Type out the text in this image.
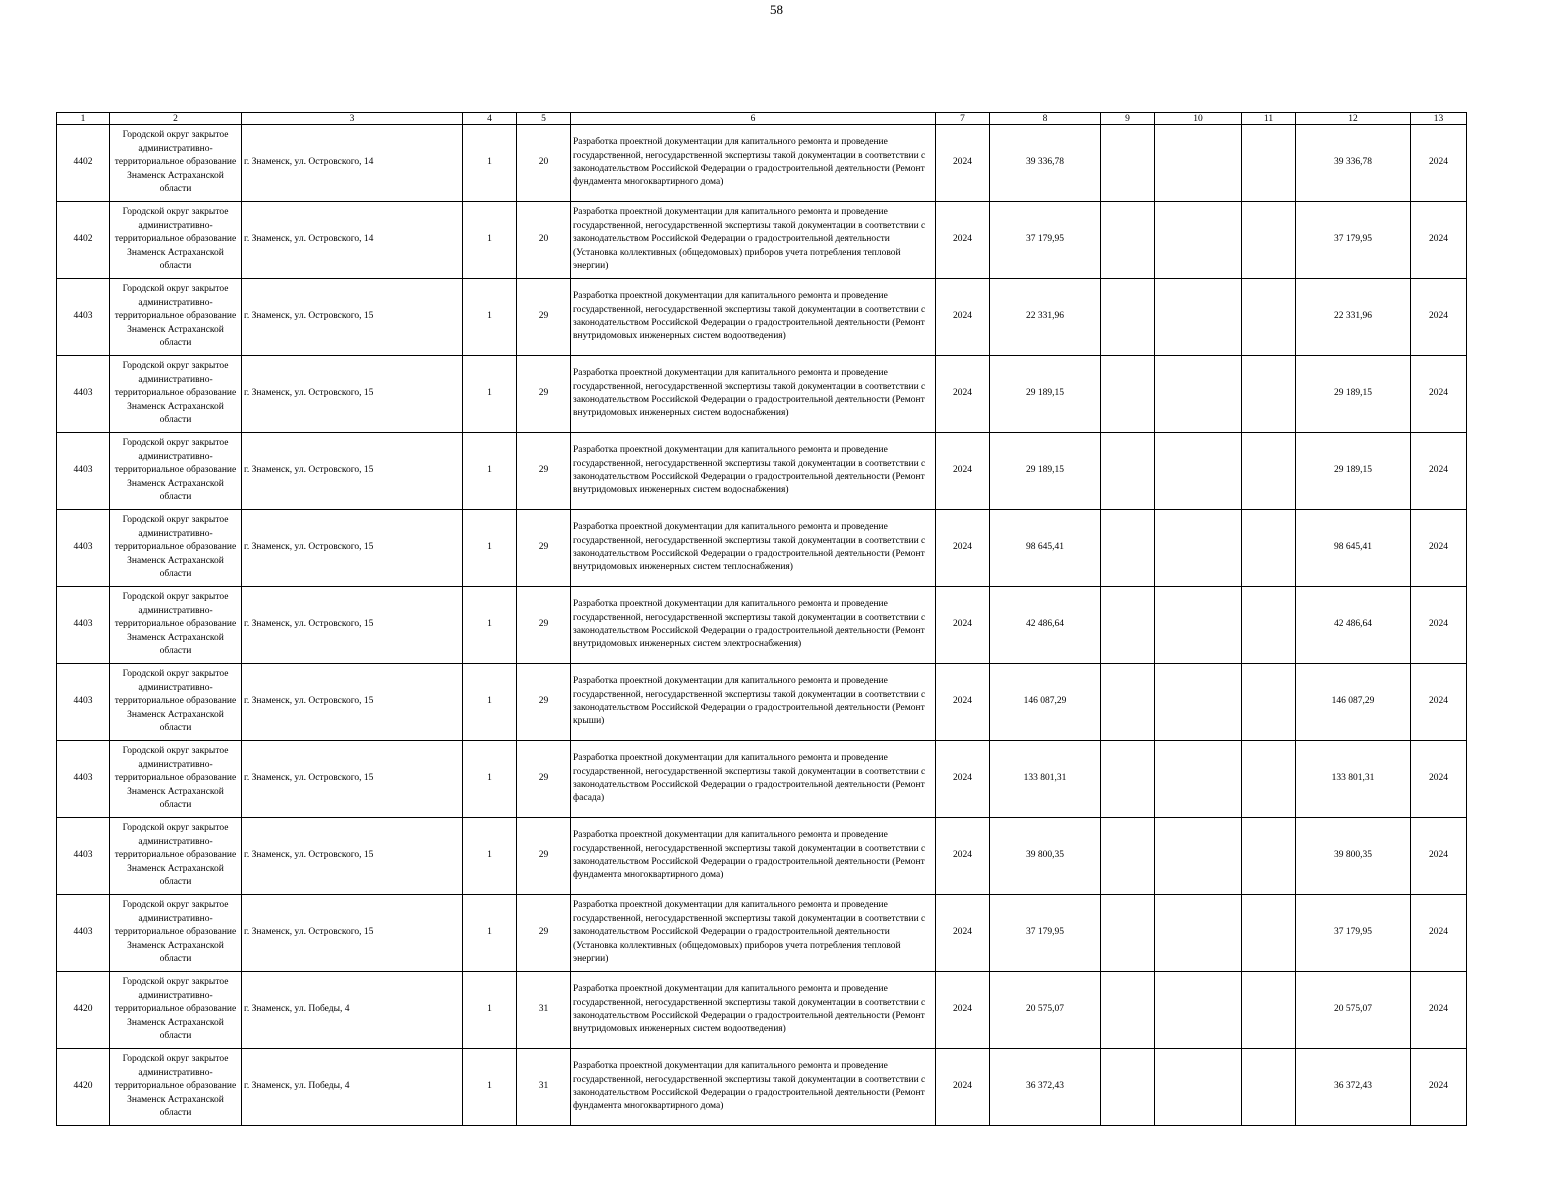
58
1	2	3	4	5	6	7	8	9	10	11	12	13
4402	Городской округ закрытое административно-территориальное образование Знаменск Астраханской области	г. Знаменск, ул. Островского, 14	1	20	Разработка проектной документации для капитального ремонта и проведение государственной, негосударственной экспертизы такой документации в соответствии с законодательством Российской Федерации о градостроительной деятельности (Ремонт фундамента многоквартирного дома)	2024	39 336,78				39 336,78	2024
4402	Городской округ закрытое административно-территориальное образование Знаменск Астраханской области	г. Знаменск, ул. Островского, 14	1	20	Разработка проектной документации для капитального ремонта и проведение государственной, негосударственной экспертизы такой документации в соответствии с законодательством Российской Федерации о градостроительной деятельности (Установка коллективных (общедомовых) приборов учета потребления тепловой энергии)	2024	37 179,95				37 179,95	2024
4403	Городской округ закрытое административно-территориальное образование Знаменск Астраханской области	г. Знаменск, ул. Островского, 15	1	29	Разработка проектной документации для капитального ремонта и проведение государственной, негосударственной экспертизы такой документации в соответствии с законодательством Российской Федерации о градостроительной деятельности (Ремонт внутридомовых инженерных систем водоотведения)	2024	22 331,96				22 331,96	2024
4403	Городской округ закрытое административно-территориальное образование Знаменск Астраханской области	г. Знаменск, ул. Островского, 15	1	29	Разработка проектной документации для капитального ремонта и проведение государственной, негосударственной экспертизы такой документации в соответствии с законодательством Российской Федерации о градостроительной деятельности (Ремонт внутридомовых инженерных систем водоснабжения)	2024	29 189,15				29 189,15	2024
4403	Городской округ закрытое административно-территориальное образование Знаменск Астраханской области	г. Знаменск, ул. Островского, 15	1	29	Разработка проектной документации для капитального ремонта и проведение государственной, негосударственной экспертизы такой документации в соответствии с законодательством Российской Федерации о градостроительной деятельности (Ремонт внутридомовых инженерных систем водоснабжения)	2024	29 189,15				29 189,15	2024
4403	Городской округ закрытое административно-территориальное образование Знаменск Астраханской области	г. Знаменск, ул. Островского, 15	1	29	Разработка проектной документации для капитального ремонта и проведение государственной, негосударственной экспертизы такой документации в соответствии с законодательством Российской Федерации о градостроительной деятельности (Ремонт внутридомовых инженерных систем теплоснабжения)	2024	98 645,41				98 645,41	2024
4403	Городской округ закрытое административно-территориальное образование Знаменск Астраханской области	г. Знаменск, ул. Островского, 15	1	29	Разработка проектной документации для капитального ремонта и проведение государственной, негосударственной экспертизы такой документации в соответствии с законодательством Российской Федерации о градостроительной деятельности (Ремонт внутридомовых инженерных систем электроснабжения)	2024	42 486,64				42 486,64	2024
4403	Городской округ закрытое административно-территориальное образование Знаменск Астраханской области	г. Знаменск, ул. Островского, 15	1	29	Разработка проектной документации для капитального ремонта и проведение государственной, негосударственной экспертизы такой документации в соответствии с законодательством Российской Федерации о градостроительной деятельности (Ремонт крыши)	2024	146 087,29				146 087,29	2024
4403	Городской округ закрытое административно-территориальное образование Знаменск Астраханской области	г. Знаменск, ул. Островского, 15	1	29	Разработка проектной документации для капитального ремонта и проведение государственной, негосударственной экспертизы такой документации в соответствии с законодательством Российской Федерации о градостроительной деятельности (Ремонт фасада)	2024	133 801,31				133 801,31	2024
4403	Городской округ закрытое административно-территориальное образование Знаменск Астраханской области	г. Знаменск, ул. Островского, 15	1	29	Разработка проектной документации для капитального ремонта и проведение государственной, негосударственной экспертизы такой документации в соответствии с законодательством Российской Федерации о градостроительной деятельности (Ремонт фундамента многоквартирного дома)	2024	39 800,35				39 800,35	2024
4403	Городской округ закрытое административно-территориальное образование Знаменск Астраханской области	г. Знаменск, ул. Островского, 15	1	29	Разработка проектной документации для капитального ремонта и проведение государственной, негосударственной экспертизы такой документации в соответствии с законодательством Российской Федерации о градостроительной деятельности (Установка коллективных (общедомовых) приборов учета потребления тепловой энергии)	2024	37 179,95				37 179,95	2024
4420	Городской округ закрытое административно-территориальное образование Знаменск Астраханской области	г. Знаменск, ул. Победы, 4	1	31	Разработка проектной документации для капитального ремонта и проведение государственной, негосударственной экспертизы такой документации в соответствии с законодательством Российской Федерации о градостроительной деятельности (Ремонт внутридомовых инженерных систем водоотведения)	2024	20 575,07				20 575,07	2024
4420	Городской округ закрытое административно-территориальное образование Знаменск Астраханской области	г. Знаменск, ул. Победы, 4	1	31	Разработка проектной документации для капитального ремонта и проведение государственной, негосударственной экспертизы такой документации в соответствии с законодательством Российской Федерации о градостроительной деятельности (Ремонт фундамента многоквартирного дома)	2024	36 372,43				36 372,43	2024
